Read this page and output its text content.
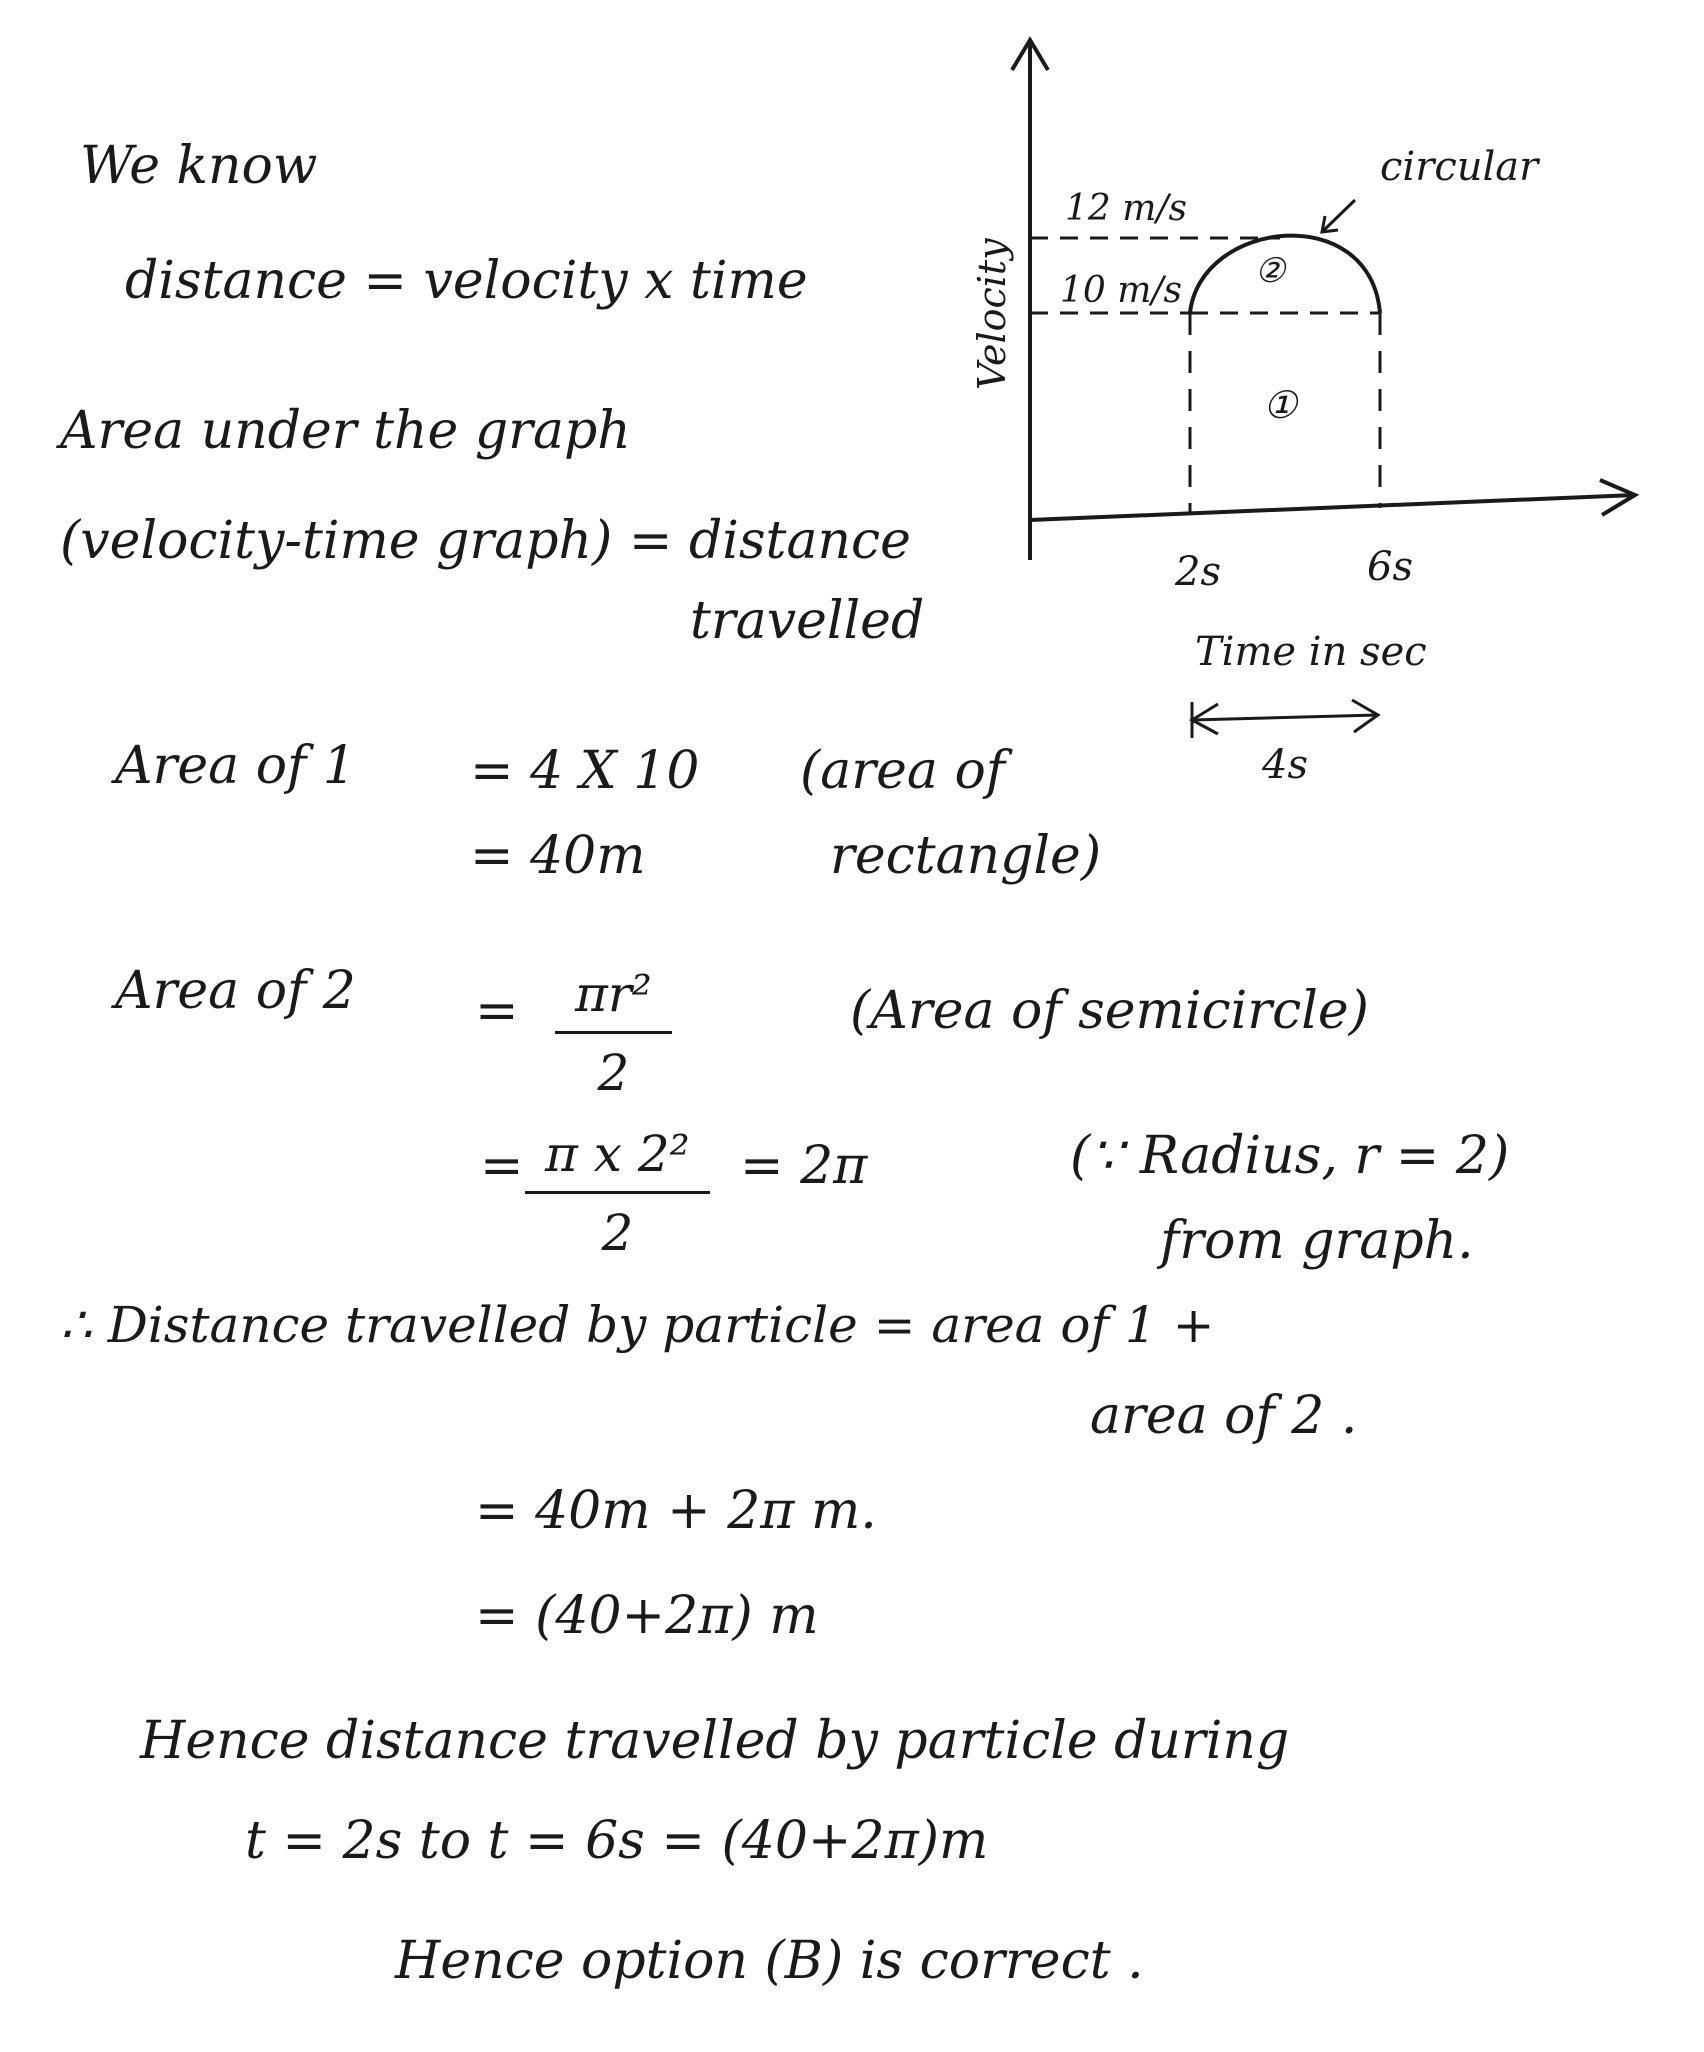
We know
distance = velocity x time
Area under the graph
(velocity-time graph) = distance
travelled
Velocity
12 m/s
10 m/s
circular
②
①
2s	6s
Time in sec
4s
Area of 1 = 4 X 10
= 40m
(area of
rectangle)
Area of $2 = \frac{\text{πr²}}{2}$	(Area of semicircle)
= $\frac{\text{π x 2²}}{2} = 2\pi$	(∵ Radius, r = 2)
from graph.
∴ Distance travelled by particle = area of 1 +
area of 2 .
= 40m + 2π m.
= (40+2π) m
Hence distance travelled by particle during
t = 2s to t = 6s = (40+2π)m
Hence option (B) is correct .
